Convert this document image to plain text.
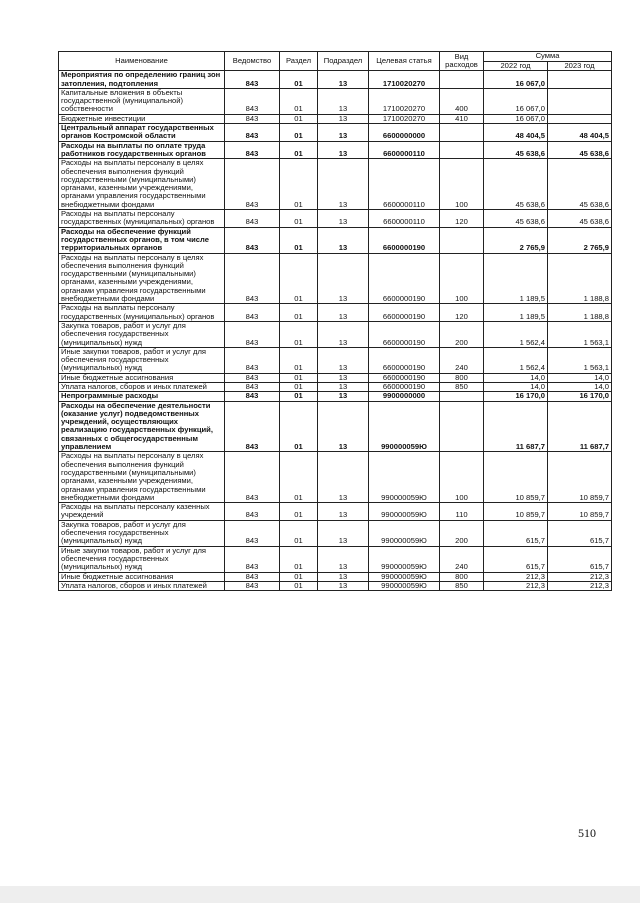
Наименование	Ведомство	Раздел	Подраздел	Целевая статья	Вид расходов	Сумма	
						2022 год	2023 год
Мероприятия по определению границ зон затопления, подтопления	843	01	13	1710020270		16 067,0	
Капитальные вложения в объекты государственной (муниципальной) собственности	843	01	13	1710020270	400	16 067,0	
Бюджетные инвестиции	843	01	13	1710020270	410	16 067,0	
Центральный аппарат государственных органов Костромской области	843	01	13	6600000000		48 404,5	48 404,5
Расходы на выплаты по оплате труда работников государственных органов	843	01	13	6600000110		45 638,6	45 638,6
Расходы на выплаты персоналу в целях обеспечения выполнения функций государственными (муниципальными) органами, казенными учреждениями, органами управления государственными внебюджетными фондами	843	01	13	6600000110	100	45 638,6	45 638,6
Расходы на выплаты персоналу государственных (муниципальных) органов	843	01	13	6600000110	120	45 638,6	45 638,6
Расходы на обеспечение функций государственных органов, в том числе территориальных органов	843	01	13	6600000190		2 765,9	2 765,9
Расходы на выплаты персоналу в целях обеспечения выполнения функций государственными (муниципальными) органами, казенными учреждениями, органами управления государственными внебюджетными фондами	843	01	13	6600000190	100	1 189,5	1 188,8
Расходы на выплаты персоналу государственных (муниципальных) органов	843	01	13	6600000190	120	1 189,5	1 188,8
Закупка товаров, работ и услуг для обеспечения государственных (муниципальных) нужд	843	01	13	6600000190	200	1 562,4	1 563,1
Иные закупки товаров, работ и услуг для обеспечения государственных (муниципальных) нужд	843	01	13	6600000190	240	1 562,4	1 563,1
Иные бюджетные ассигнования	843	01	13	6600000190	800	14,0	14,0
Уплата налогов, сборов и иных платежей	843	01	13	6600000190	850	14,0	14,0
Непрограммные расходы	843	01	13	9900000000		16 170,0	16 170,0
Расходы на обеспечение деятельности (оказание услуг) подведомственных учреждений, осуществляющих реализацию государственных функций, связанных с общегосударственным управлением	843	01	13	990000059Ю		11 687,7	11 687,7
Расходы на выплаты персоналу в целях обеспечения выполнения функций государственными (муниципальными) органами, казенными учреждениями, органами управления государственными внебюджетными фондами	843	01	13	990000059Ю	100	10 859,7	10 859,7
Расходы на выплаты персоналу казенных учреждений	843	01	13	990000059Ю	110	10 859,7	10 859,7
Закупка товаров, работ и услуг для обеспечения государственных (муниципальных) нужд	843	01	13	990000059Ю	200	615,7	615,7
Иные закупки товаров, работ и услуг для обеспечения государственных (муниципальных) нужд	843	01	13	990000059Ю	240	615,7	615,7
Иные бюджетные ассигнования	843	01	13	990000059Ю	800	212,3	212,3
Уплата налогов, сборов и иных платежей	843	01	13	990000059Ю	850	212,3	212,3
510
